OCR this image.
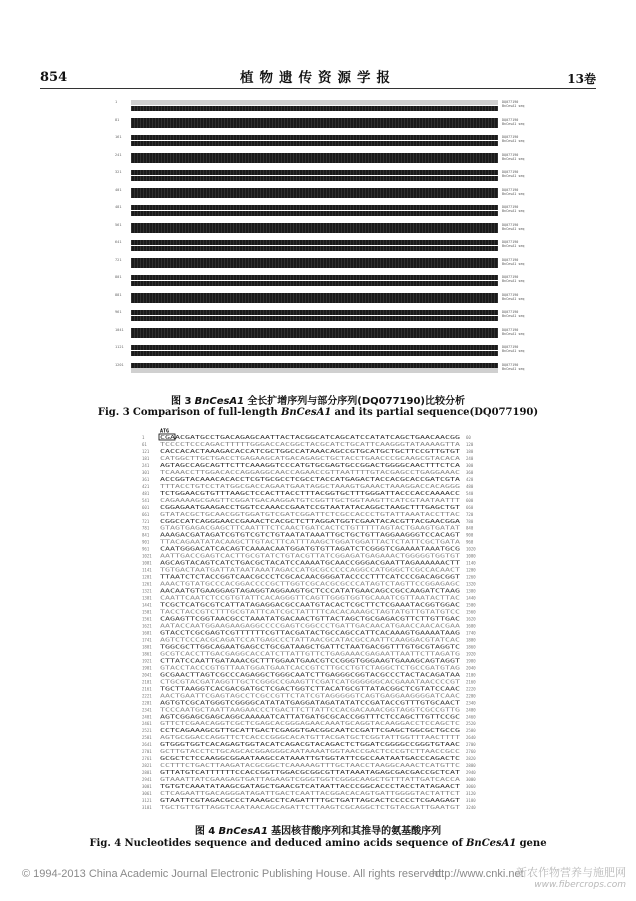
854	植物遗传资源学报	13卷
1	DQ077190
BnCesA1 seq
81	DQ077190
BnCesA1 seq
161	DQ077190
BnCesA1 seq
241	DQ077190
BnCesA1 seq
321	DQ077190
BnCesA1 seq
401	DQ077190
BnCesA1 seq
481	DQ077190
BnCesA1 seq
561	DQ077190
BnCesA1 seq
641	DQ077190
BnCesA1 seq
721	DQ077190
BnCesA1 seq
801	DQ077190
BnCesA1 seq
881	DQ077190
BnCesA1 seq
961	DQ077190
BnCesA1 seq
1041	DQ077190
BnCesA1 seq
1121	DQ077190
BnCesA1 seq
1201	DQ077190
BnCesA1 seq
图 3 BnCesA1 全长扩增序列与部分序列(DQ077190)比较分析
Fig. 3 Comparison of full-length BnCesA1 and its partial sequence(DQ077190)
1	CGAACGATGCCTGACAGAGCAATTACTACGGCATCAGCATCCATATCAGCTGAACAACGG 60
61	TCCCCTCCCAGACTTTTTGGGACCACGGCTACGCATCTGCATTCAAGGGTATAAAAGTTA 120
121 CACCACACTAAAGACACCATCGCTGGCCATAAACAGCCGTGCATGCTGCTTCCGTTGTGT 180
181 CATGGCTTGCTGACCTGAGAAGCATGACAGAGCTGCTACCTGAACCCGCAAGCGTACACA 240
241 AGTAGCCAGCAGTTCTTCAAAGGTCCCATGTGCGAGTGCCGGACTGGGGCAACTTTCTCA 300
301 TCAAACCTTGGACACCAGGAGGCAACCAGAACCGTTAATTTTGTACGAGCCTGAGGAAAC 360
361 ACCGGTACAAACACACCTCGTGCGCCTCGCCTACCATGAGACTACCACGCACCGATCGTA 420
421 TTTACCTGTCCTATGGCGACCAGAATGAATAGGCTAAAGTGAAACTAAAGGACCACAGGG 480
481 TCTGGAACGTGTTTAAGCTCCACTTACCTTTACGGTGCTTTGGGATTACCCACCAAAACC 540
541 CAGAAAAGCGAGTTCGGATGACAAGGATGTCGGTTGCTGGTAAGTTCATCGTAATAATTT 600
601 CGGAGAATGAAGACCTGGTCCAAACCGAATCCGTAATATACAGGCTAAGCTTTGAGCTGT 660
661 GTATACGCTGCAACGGTGGATGTCGATCGGATTCTCGCCACCCTGTATTAAATACCTTAC 720
721 CGGCCATCAGGGAACCGAAACTCACGCTCTTAGGATGGTCGAATACACGTTACGAACGGA 780
781 GTAGTGAGACGAGCTTCAATTTCTCAACTGATCACTCTGTTTTTAGTACTGAAGTGATAT 840
841 AAAGACGATAGATCGTGTCGTCTGTAATATAAATTGCTGCTGTTAGGAAGGGTCCACAGT 900
901 TTACAGAATATACAAGCTTGTACTTCATTTAAGCTGGATGGATTACTCTATTCGCTGATA 960
961 CAATGGGACATCACAGTCAAAACAATGGATGTGTTAGATCTCGGGTCGAAAATAAATGCG 1020
1021 AATTGACCGAGTCACTTGCGTATCTGTACGTTATCGGAGATGAGAAACTGGGGGTGGTGT 1080
1081 AGCAGTACAGTCATCTGACGCTACATCCAAAATGCAACCGGGACGAATTAGAAAAAACTT 1140
1141 TGTGACTAATGATTATAATAAATAGACCATGCGCCCCCAGGCCATGGGCTCGCCACAACT 1200
1201 TTAATCTCTACCGGTCAACGCCCTCGCACAACGGGATACCCCTTTCATCCCGACAGCGGT 1260
1261 AAACTGTATGCCCACGGACCCCGCTTGGTCGCACGCGCCCATAGTCTAGTTCCGGAGAGC 1320
1321 AACAATGTGAAGGAGTAGAGGTAGGAAGTGCTCCCATATGAACAGCCGCCAAGATCTAAG 1380
1381 CAATTCAATCTCCGTGTATTCACAGGGTTCAGTTGGGTGGTGCAAATCGTTAATACTTAC 1440
1441 TCGCTCATGCGTCATTATAGAGGACGCCAATGTACACTCGCTTCTCGAAATACGGTGGAC 1500
1501 TACCTACCGTCTTTGCGTATTCATCGCTATTTTCACACAAAGCTAGTATGTTGTATGTCC 1560
1561 CAGAGTTCGGTAACGCCTAAATATGACAACTGTTACTAGCTGCGAGACGTTCTTGTTGAC 1620
1621 AATACCAATGGAAGAAGAGGCCCCGAGTCGGCCCTGATTGACAACATGAACCAACACGAA 1680
1681 GTACCTCGCGAGTCGTTTTTTCGTTACGATACTGCCAGCCATTCACAAAGTGAAAATAAG 1740
1741 AGTCTCCCACGCAGATCCATGAGCCCTATTAACGCATACGCCAATTCAAGGACGTATCAC 1800
1801 TGGCGCTTGGCAGAATGAGCCTGCGATAAGCTGATTCTAATGACGGTTTGTGCGTAGGTC 1860
1861 GCGTCACCTTGACGAGGCACCATCTTATTGTTCTGAGAAACGAGAATTAATTCTTAGATG 1920
1921 CTTATCCAATTGATAAACGCTTTGGAATGAACGTCCGGGTGGGAAGTGAAAGCAGTAGGT 1980
1981 GTACCTACCCGTGTTAATGGATGAATCACCGTCTTGCCTGTCTAGGCTCTGCCGATGTAG 2040
2041 GCGAACTTAGTCGCCCAGAGGCTGGGCAATCTTGAGGGCGGTACGCCCTACTACAGATAA 2100
2101 CTGCGTACGATAGGTTGCTCGGGCCGAAGTTCGATCATGGGGGGCACGAAATAACCCCGT 2160
2161 TGCTTAAGGTCACGACGATGCTCGACTGGTCTTACATGCGTTATACGGCTCGTATCCAAC 2220
2221 AACTGAATTCGAGTAGCCTCGCCGTTCTATCGTAGGGGGTCAGTGAGGAAGGGGATCAAC 2280
2281 AGTGTCGCATGGGTCGGGGCATATATGAGGATAGATATATCCGATACCGTTTGTGCAACT 2340
2341 TCCCAATGCTAATTAAGAACCCTGACTTCTTATTCCACGACAAACGGTAGGTCGCCGTTG 2400
2401 AGTCGGAGCGAGCAGGCAAAAATCATTATGATGCGCACCGGTTTCTCCAGCTTGTTCCGC 2460
2461 GTTCTCGAACAGGTCGCTCGAGCACGGGAGAACAAATGCAGGTACAAGGACCTCCAGCTC 2520
2521 CCTCAGAAAGCGTTGCATTGACTCGAGGTGACGGCAATCCGATTCGAGCTGGCGCTGCCG 2580
2581 AGTGCGGACCAGGTTCTCACCCGGGCACATGTTACGATGCTCGGTATTGGTTTAACTTTT 2640
2641 GTGGGTGGTCACAGAGTGGTACATCAGACGTACAGACTCTGGATCGGGGCCGGGTGTAAC 2700
2701 GCTTGTACCTCTGCAGCACGGAGGGCAATAAAATGGTAACCGACTCCCGTCTTAACCGCC 2760
2761 GCGCTCTCCAAGGCGGAATAAGCCATAAATTGTGGTATTCGCCAATAATGACCCAGACTC 2820
2821 CCTTTCTGACTTAAGATACGCGGCTCAAAAAGTTTGCTAACCTAAGGCAAACTCATGTTC 2880
2881 GTTATGTCATTTTTTCCACCGGTTGGACGCGGCGTTATAAATAGAGCGACGACCGCTCAT 2940
2941 GTAAATTATCGAAGAGTGATTAGAAGTCGGGTGGTCGGGCAAGCTGTTTATTGATCACCA 3000
3001 TGTGTCAAATATAAGCGATAGCTGAACGTCATAATTACCCGGCACCCTACCTATAGAACT 3060
3061 CTCAGAATTGACAGGGATAGATTGACTCAATTACGGACACAGTGATTGGGGTACTATTCT 3120
3121 GTAATTCGTAGACGCCCTAAAGCCTCAGATTTTGCTGATTAGCACTCCCCCTCGAAGAGT 3180
3181 TGCTGTTGTTAGGTCAATAACAGCAGATTCTTAAGTCGCAGGCTCTGTACGATTGAATGT 3240
ATG
图 4 BnCesA1 基因核苷酸序列和其推导的氨基酸序列
Fig. 4 Nucleotides sequence and deduced amino acids sequence of BnCesA1 gene
© 1994-2013 China Academic Journal Electronic Publishing House. All rights reserved.
http://www.cnki.net
新农作物营养与施肥网
www.fibercrops.com
